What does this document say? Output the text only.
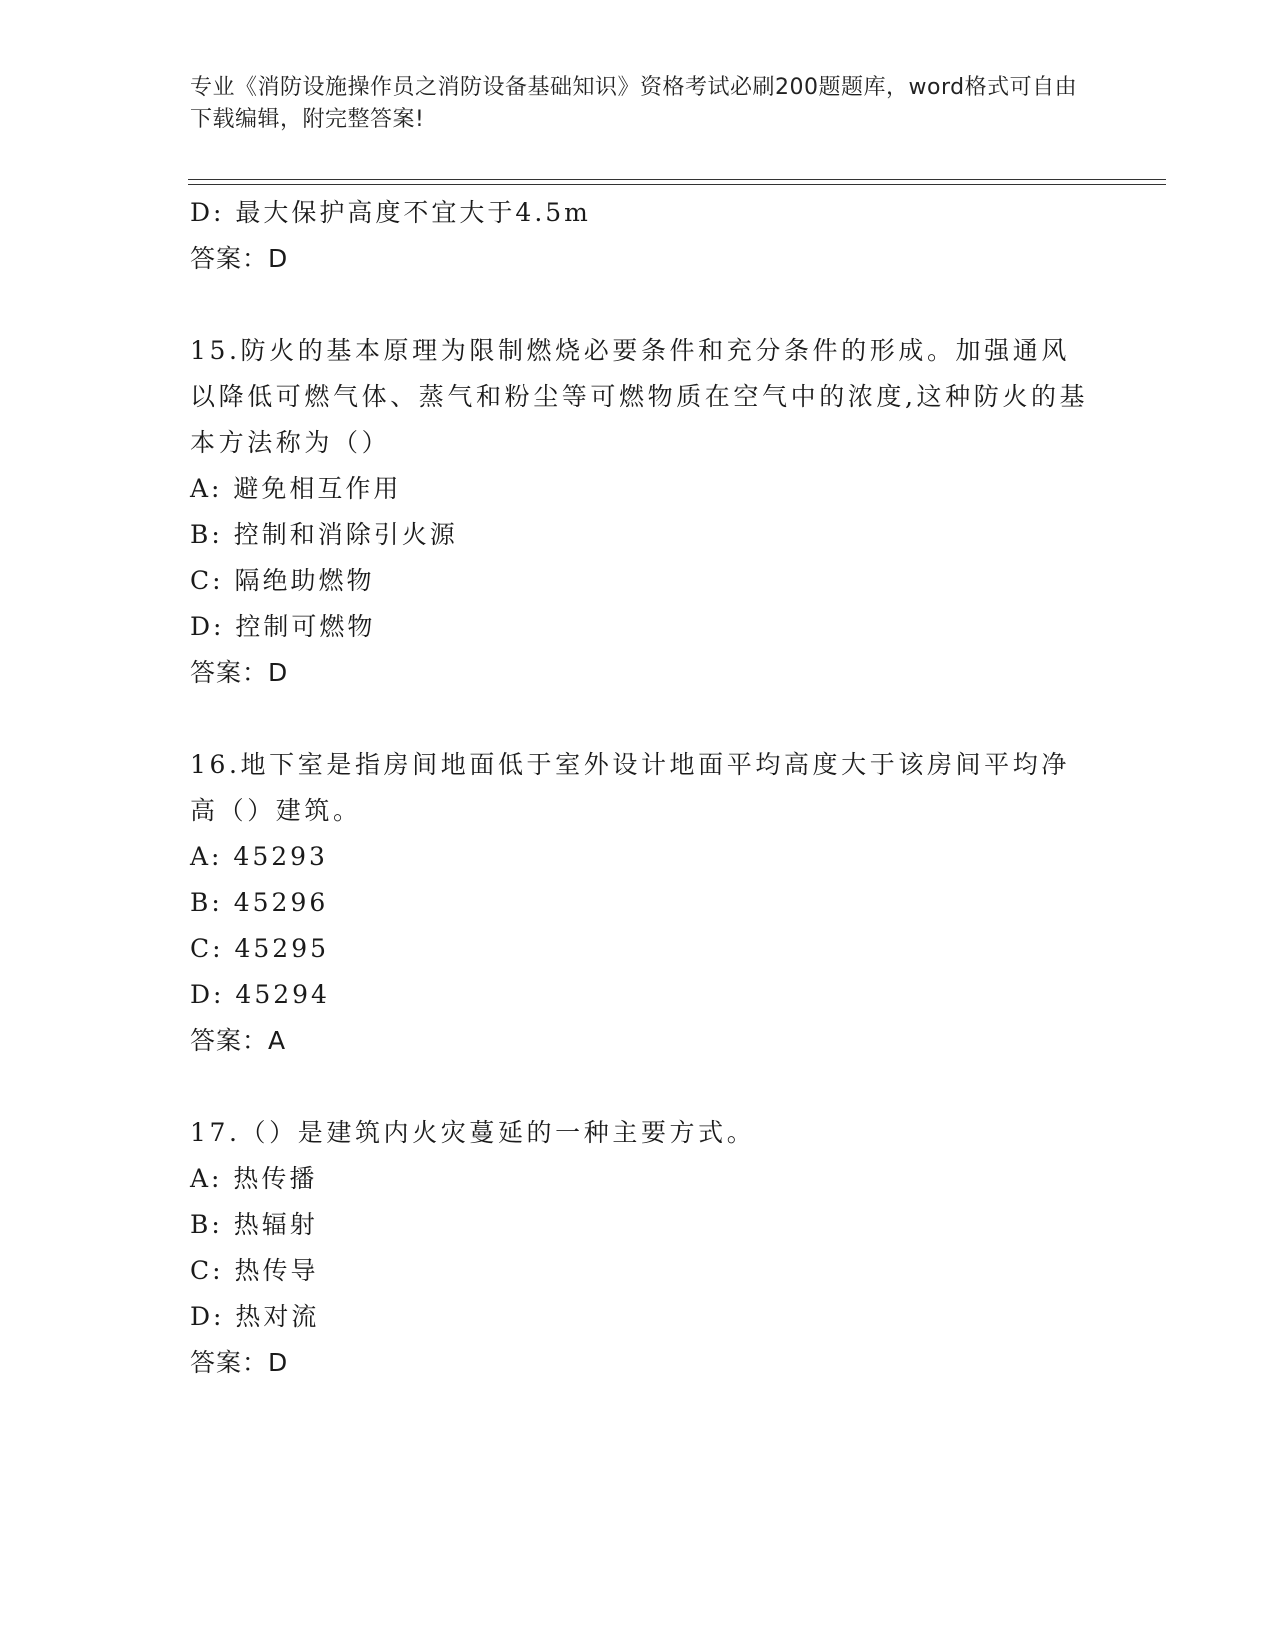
专业《消防设施操作员之消防设备基础知识》资格考试必刷200题题库，word格式可自由下载编辑，附完整答案!
D: 最大保护高度不宜大于4.5m
答案：D
15.防火的基本原理为限制燃烧必要条件和充分条件的形成。加强通风以降低可燃气体、蒸气和粉尘等可燃物质在空气中的浓度,这种防火的基本方法称为（）
A: 避免相互作用
B: 控制和消除引火源
C: 隔绝助燃物
D: 控制可燃物
答案：D
16.地下室是指房间地面低于室外设计地面平均高度大于该房间平均净高（）建筑。
A: 45293
B: 45296
C: 45295
D: 45294
答案：A
17.（）是建筑内火灾蔓延的一种主要方式。
A: 热传播
B: 热辐射
C: 热传导
D: 热对流
答案：D
